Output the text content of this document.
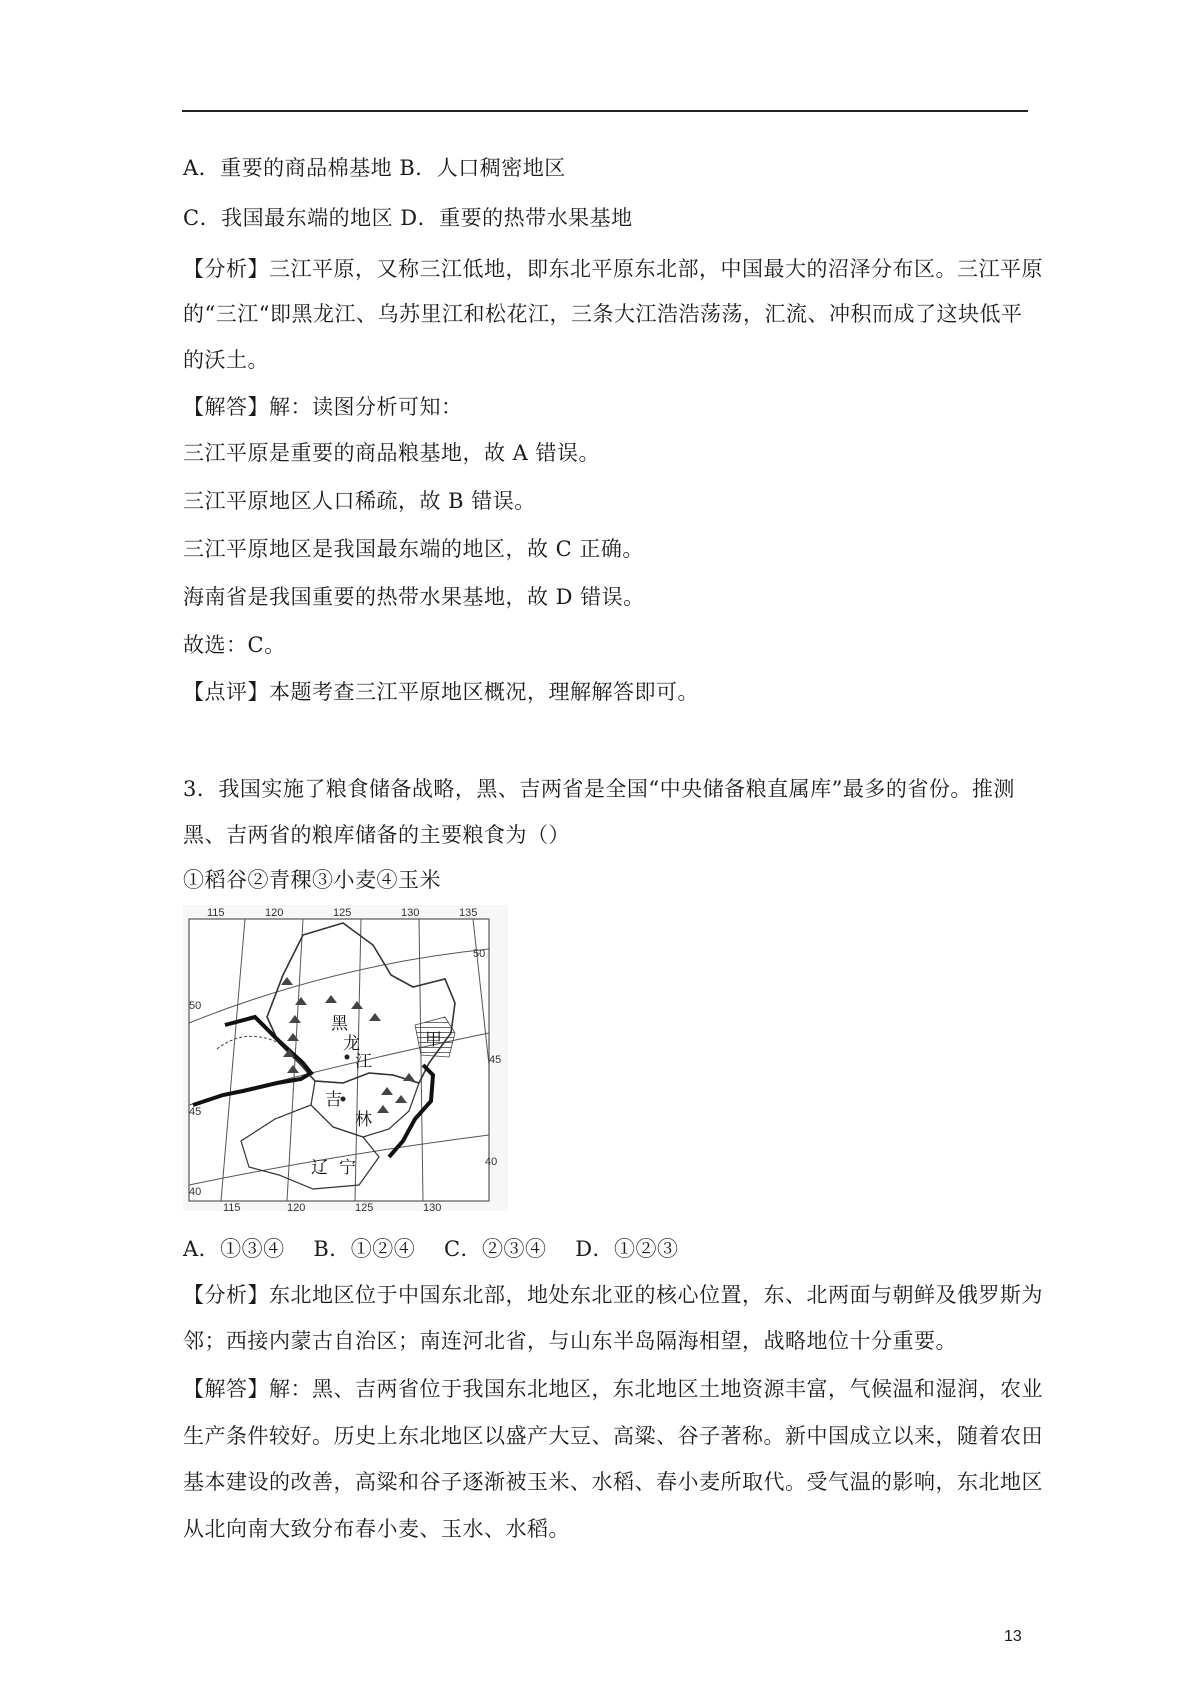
A．重要的商品棉基地 B．人口稠密地区
C．我国最东端的地区 D．重要的热带水果基地
【分析】三江平原，又称三江低地，即东北平原东北部，中国最大的沼泽分布区。三江平原
的“三江“即黑龙江、乌苏里江和松花江，三条大江浩浩荡荡，汇流、冲积而成了这块低平
的沃土。
【解答】解：读图分析可知：
三江平原是重要的商品粮基地，故 A 错误。
三江平原地区人口稀疏，故 B 错误。
三江平原地区是我国最东端的地区，故 C 正确。
海南省是我国重要的热带水果基地，故 D 错误。
故选：C。
【点评】本题考查三江平原地区概况，理解解答即可。
3．我国实施了粮食储备战略，黑、吉两省是全国“中央储备粮直属库”最多的省份。推测
黑、吉两省的粮库储备的主要粮食为（）
①稻谷②青稞③小麦④玉米
黑
龙
江
吉
林
辽 宁
甲
115	120	125	130	135
115	120	125	130
50
45
40
50
45
40
A．①③④　 B．①②④　 C．②③④　 D．①②③
【分析】东北地区位于中国东北部，地处东北亚的核心位置，东、北两面与朝鲜及俄罗斯为
邻；西接内蒙古自治区；南连河北省，与山东半岛隔海相望，战略地位十分重要。
【解答】解：黑、吉两省位于我国东北地区，东北地区土地资源丰富，气候温和湿润，农业
生产条件较好。历史上东北地区以盛产大豆、高粱、谷子著称。新中国成立以来，随着农田
基本建设的改善，高粱和谷子逐渐被玉米、水稻、春小麦所取代。受气温的影响，东北地区
从北向南大致分布春小麦、玉水、水稻。
13
